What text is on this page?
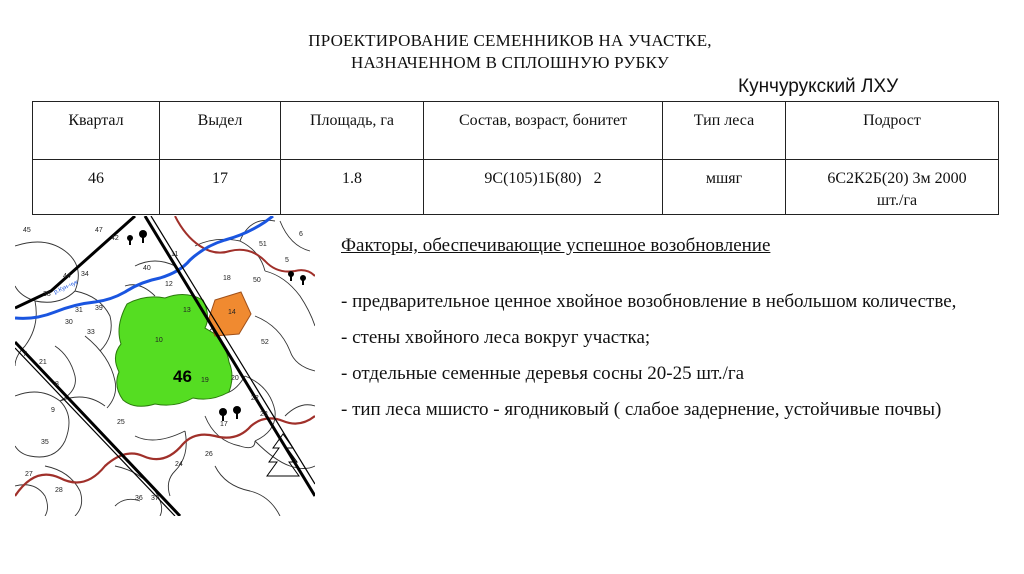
ПРОЕКТИРОВАНИЕ СЕМЕННИКОВ НА УЧАСТКЕ,
НАЗНАЧЕННОМ В СПЛОШНУЮ РУБКУ
Кунчурукский ЛХУ
Квартал	Выдел	Площадь, га	Состав, возраст, бонитет	Тип леса	Подрост
46	17	1.8	9С(105)1Б(80)   2	мшяг	6С2К2Б(20) 3м 2000 шт./га
46
р.Кун-чук
17
13	14
10
11
12
19	20
21
22
23
24
30
31
33
34
35
36 37
38
39
40
42
44
45	47
50
51
52
8
9
5
6
7
18
25
26
27
28
Факторы, обеспечивающие успешное возобновление

- предварительное ценное хвойное возобновление в небольшом количестве,

- стены хвойного леса вокруг участка;

- отдельные семенные деревья сосны 20-25 шт./га

- тип леса мшисто - ягодниковый ( слабое задернение, устойчивые почвы)
